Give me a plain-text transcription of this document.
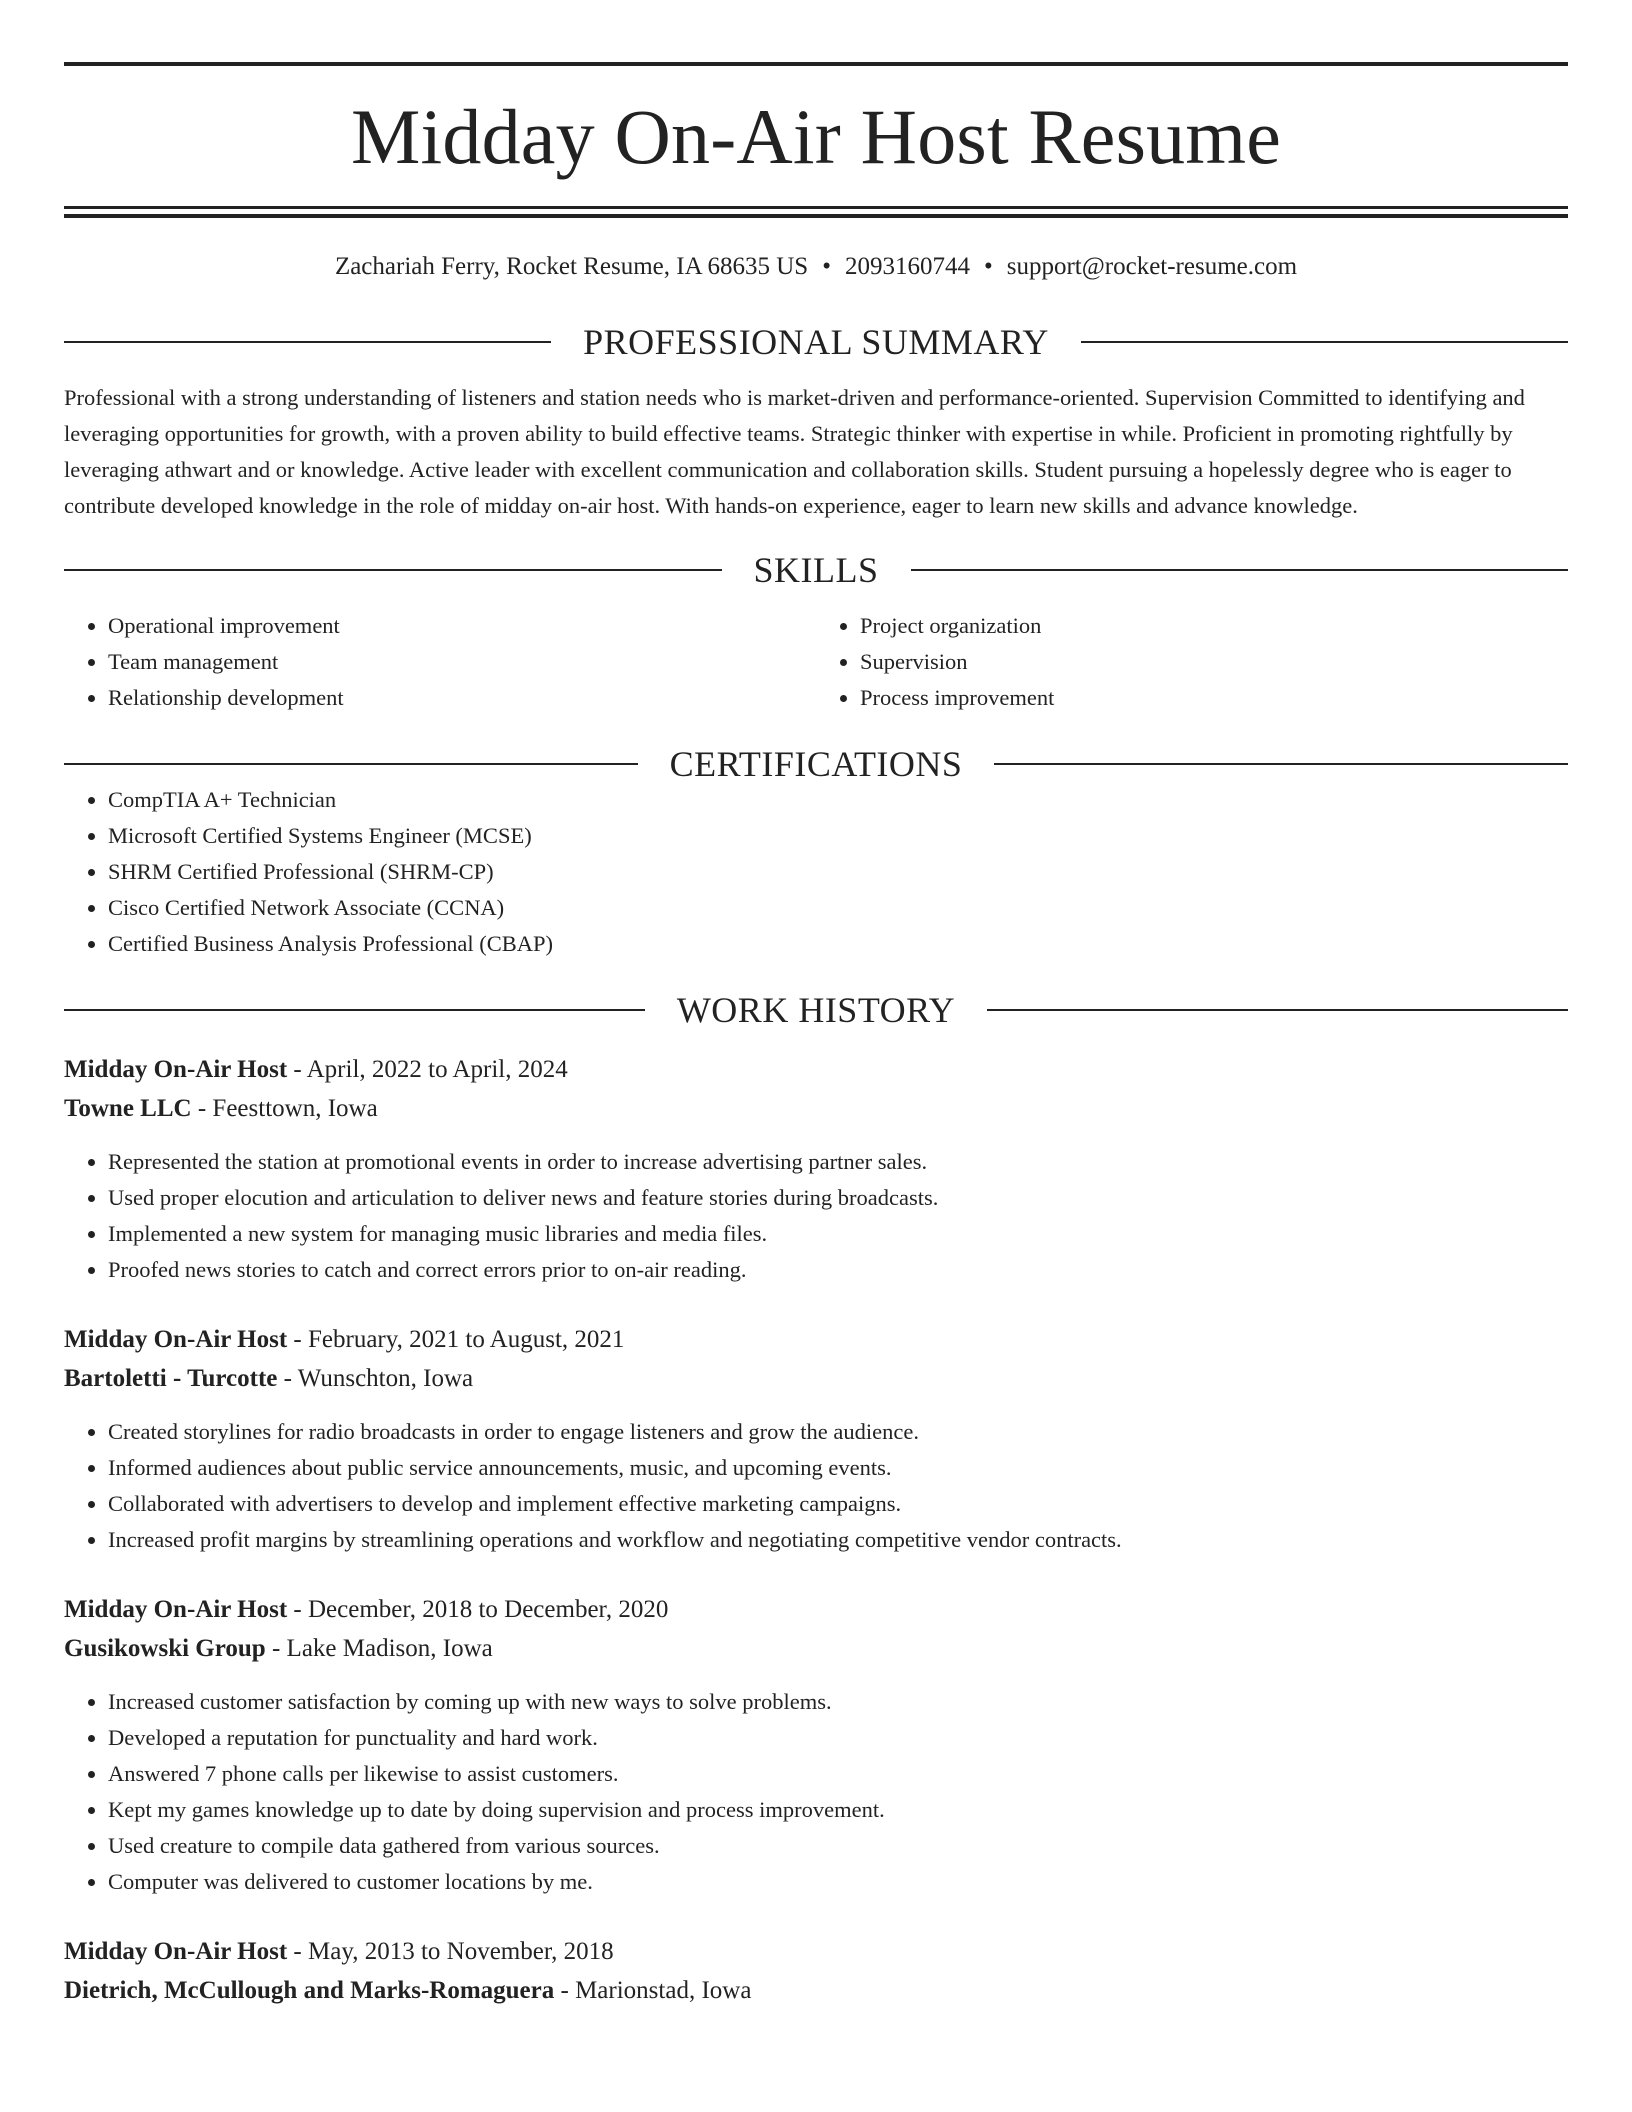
Midday On-Air Host Resume
Zachariah Ferry, Rocket Resume, IA 68635 US • 2093160744 • support@rocket-resume.com
PROFESSIONAL SUMMARY

Professional with a strong understanding of listeners and station needs who is market-driven and performance-oriented. Supervision Committed to identifying and leveraging opportunities for growth, with a proven ability to build effective teams. Strategic thinker with expertise in while. Proficient in promoting rightfully by leveraging athwart and or knowledge. Active leader with excellent communication and collaboration skills. Student pursuing a hopelessly degree who is eager to contribute developed knowledge in the role of midday on-air host. With hands-on experience, eager to learn new skills and advance knowledge.

SKILLS
• Operational improvement
• Team management
• Relationship development
• Project organization
• Supervision
• Process improvement
CERTIFICATIONS
• CompTIA A+ Technician
• Microsoft Certified Systems Engineer (MCSE)
• SHRM Certified Professional (SHRM-CP)
• Cisco Certified Network Associate (CCNA)
• Certified Business Analysis Professional (CBAP)
WORK HISTORY
Midday On-Air Host - April, 2022 to April, 2024
Towne LLC - Feesttown, Iowa
• Represented the station at promotional events in order to increase advertising partner sales.
• Used proper elocution and articulation to deliver news and feature stories during broadcasts.
• Implemented a new system for managing music libraries and media files.
• Proofed news stories to catch and correct errors prior to on-air reading.
Midday On-Air Host - February, 2021 to August, 2021
Bartoletti - Turcotte - Wunschton, Iowa
• Created storylines for radio broadcasts in order to engage listeners and grow the audience.
• Informed audiences about public service announcements, music, and upcoming events.
• Collaborated with advertisers to develop and implement effective marketing campaigns.
• Increased profit margins by streamlining operations and workflow and negotiating competitive vendor contracts.
Midday On-Air Host - December, 2018 to December, 2020
Gusikowski Group - Lake Madison, Iowa
• Increased customer satisfaction by coming up with new ways to solve problems.
• Developed a reputation for punctuality and hard work.
• Answered 7 phone calls per likewise to assist customers.
• Kept my games knowledge up to date by doing supervision and process improvement.
• Used creature to compile data gathered from various sources.
• Computer was delivered to customer locations by me.
Midday On-Air Host - May, 2013 to November, 2018
Dietrich, McCullough and Marks-Romaguera - Marionstad, Iowa
